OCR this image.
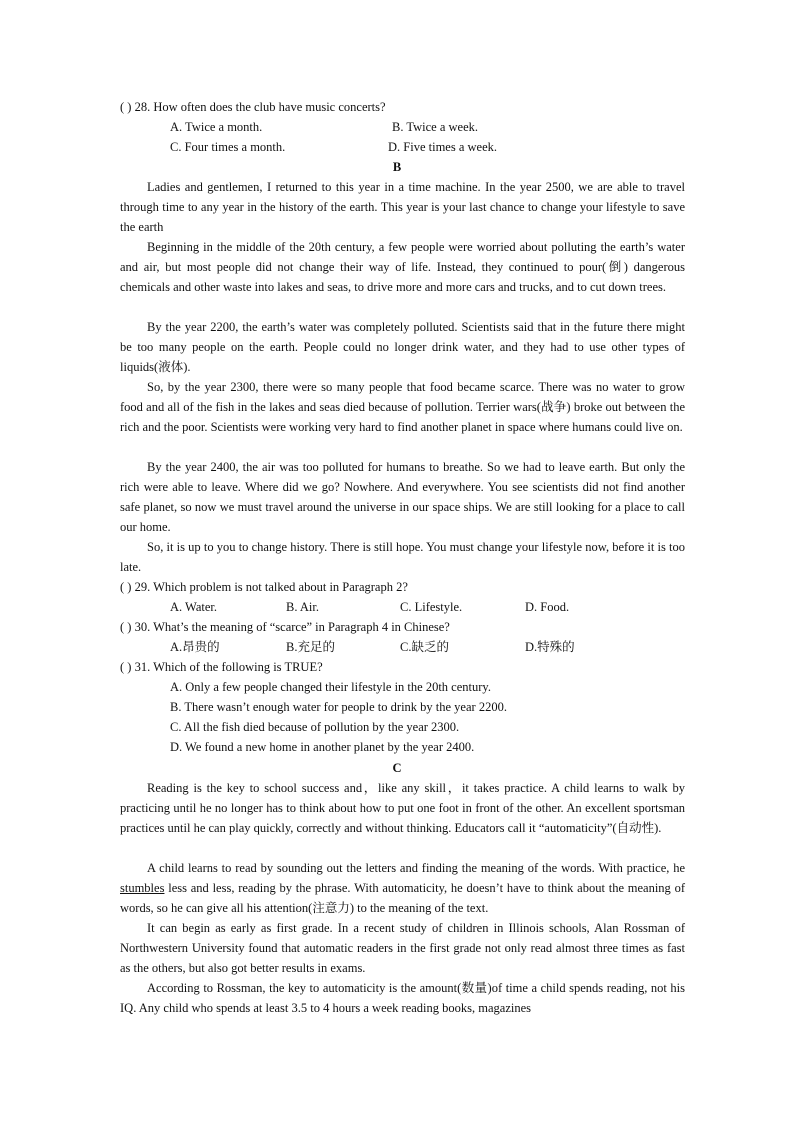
( ) 28. How often does the club have music concerts?
A. Twice a month.	B. Twice a week.
C. Four times a month.	D. Five times a week.
B
Ladies and gentlemen, I returned to this year in a time machine. In the year 2500, we are able to travel through time to any year in the history of the earth. This year is your last chance to change your lifestyle to save the earth
Beginning in the middle of the 20th century, a few people were worried about polluting the earth’s water and air, but most people did not change their way of life. Instead, they continued to pour(倒) dangerous chemicals and other waste into lakes and seas, to drive more and more cars and trucks, and to cut down trees.
By the year 2200, the earth’s water was completely polluted. Scientists said that in the future there might be too many people on the earth. People could no longer drink water, and they had to use other types of liquids(液体).
So, by the year 2300, there were so many people that food became scarce. There was no water to grow food and all of the fish in the lakes and seas died because of pollution. Terrier wars(战争) broke out between the rich and the poor. Scientists were working very hard to find another planet in space where humans could live on.
By the year 2400, the air was too polluted for humans to breathe. So we had to leave earth. But only the rich were able to leave. Where did we go? Nowhere. And everywhere. You see scientists did not find another safe planet, so now we must travel around the universe in our space ships. We are still looking for a place to call our home.
So, it is up to you to change history. There is still hope. You must change your lifestyle now, before it is too late.
( ) 29. Which problem is not talked about in Paragraph 2?
A. Water.	B. Air.	C. Lifestyle.	D. Food.
( ) 30. What’s the meaning of “scarce” in Paragraph 4 in Chinese?
A.昂贵的	B.充足的	C.缺乏的	D.特殊的
( ) 31. Which of the following is TRUE?
A. Only a few people changed their lifestyle in the 20th century.
B. There wasn’t enough water for people to drink by the year 2200.
C. All the fish died because of pollution by the year 2300.
D. We found a new home in another planet by the year 2400.
C
Reading is the key to school success and，like any skill，it takes practice. A child learns to walk by practicing until he no longer has to think about how to put one foot in front of the other. An excellent sportsman practices until he can play quickly, correctly and without thinking. Educators call it “automaticity”(自动性).
A child learns to read by sounding out the letters and finding the meaning of the words. With practice, he stumbles less and less, reading by the phrase. With automaticity, he doesn’t have to think about the meaning of words, so he can give all his attention(注意力) to the meaning of the text.
It can begin as early as first grade. In a recent study of children in Illinois schools, Alan Rossman of Northwestern University found that automatic readers in the first grade not only read almost three times as fast as the others, but also got better results in exams.
According to Rossman, the key to automaticity is the amount(数量)of time a child spends reading, not his IQ. Any child who spends at least 3.5 to 4 hours a week reading books, magazines
